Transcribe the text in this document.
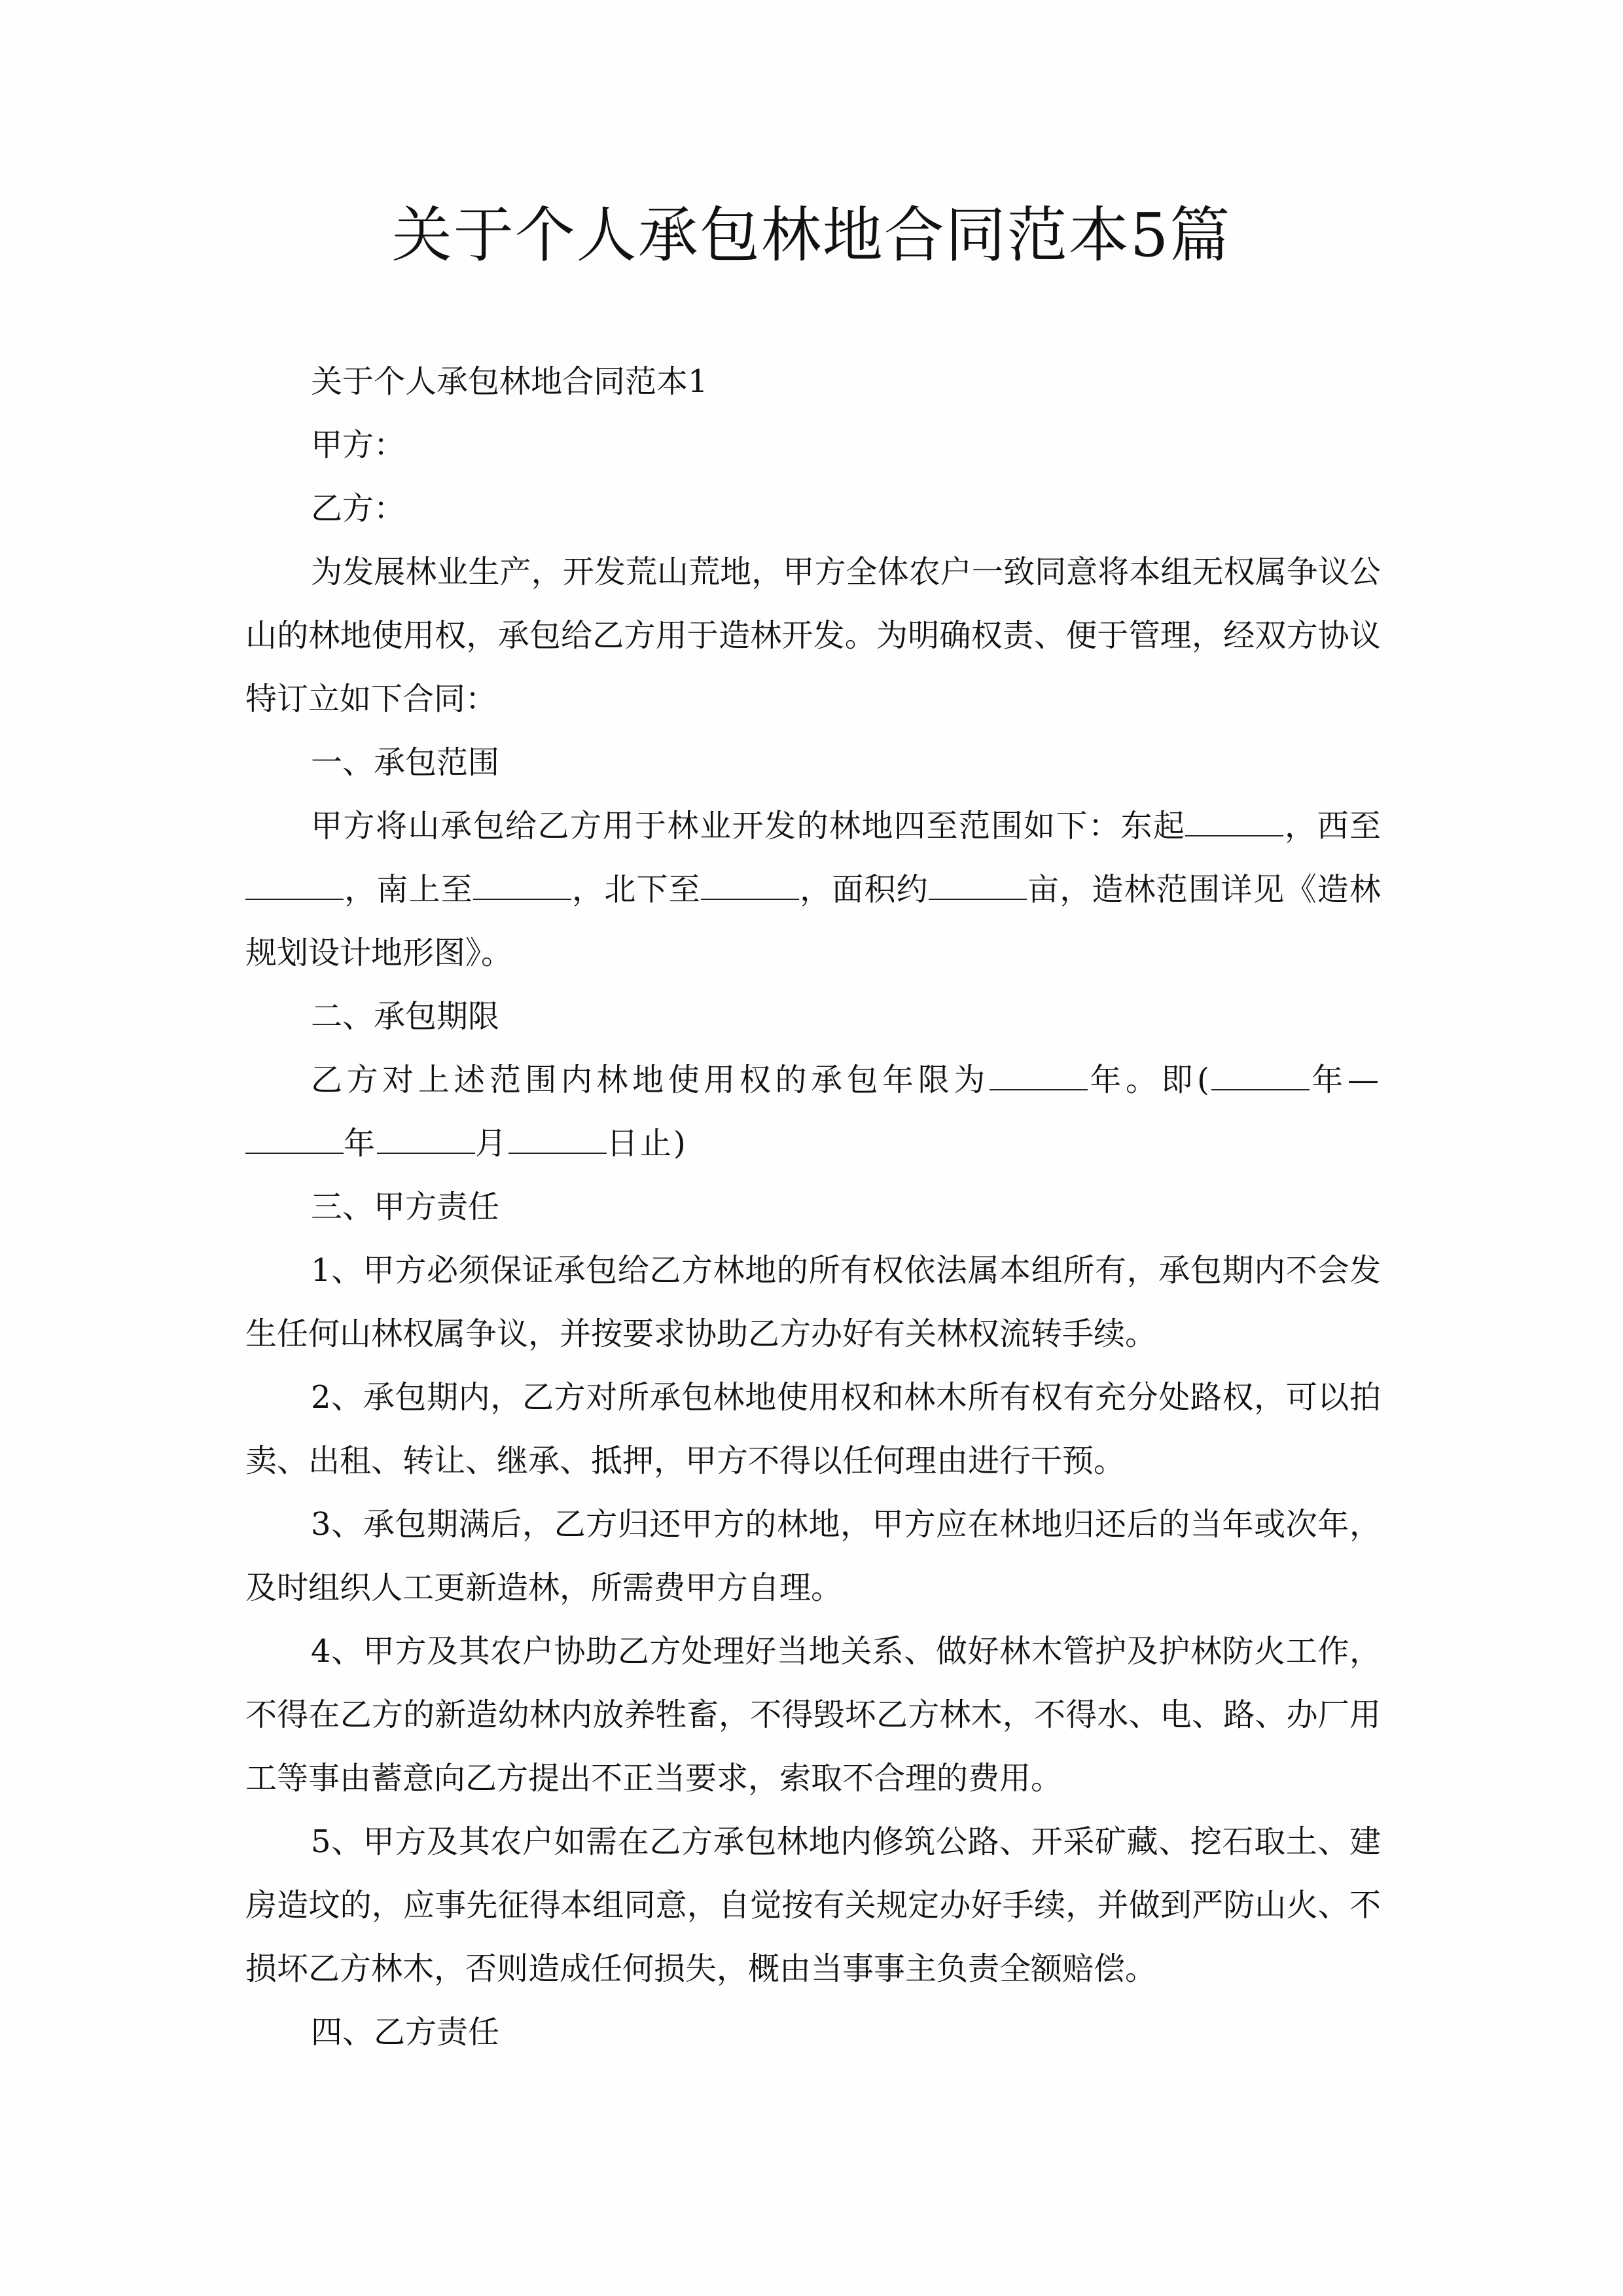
关于个人承包林地合同范本5篇

关于个人承包林地合同范本1

甲方：

乙方：

为发展林业生产，开发荒山荒地，甲方全体农户一致同意将本组无权属争议公山的林地使用权，承包给乙方用于造林开发。为明确权责、便于管理，经双方协议特订立如下合同：

一、承包范围

甲方将山承包给乙方用于林业开发的林地四至范围如下：东起	，西至，南上至	，北下至	，面积约	亩，造林范围详见《造林规划设计地形图》。

二、承包期限

乙方对上述范围内林地使用权的承包年限为	年。即(	年—年	月	日止)

三、甲方责任

1、甲方必须保证承包给乙方林地的所有权依法属本组所有，承包期内不会发生任何山林权属争议，并按要求协助乙方办好有关林权流转手续。

2、承包期内，乙方对所承包林地使用权和林木所有权有充分处路权，可以拍卖、出租、转让、继承、抵押，甲方不得以任何理由进行干预。

3、承包期满后，乙方归还甲方的林地，甲方应在林地归还后的当年或次年，及时组织人工更新造林，所需费甲方自理。

4、甲方及其农户协助乙方处理好当地关系、做好林木管护及护林防火工作，不得在乙方的新造幼林内放养牲畜，不得毁坏乙方林木，不得水、电、路、办厂用工等事由蓄意向乙方提出不正当要求，索取不合理的费用。

5、甲方及其农户如需在乙方承包林地内修筑公路、开采矿藏、挖石取土、建房造坟的，应事先征得本组同意，自觉按有关规定办好手续，并做到严防山火、不损坏乙方林木，否则造成任何损失，概由当事事主负责全额赔偿。

四、乙方责任
